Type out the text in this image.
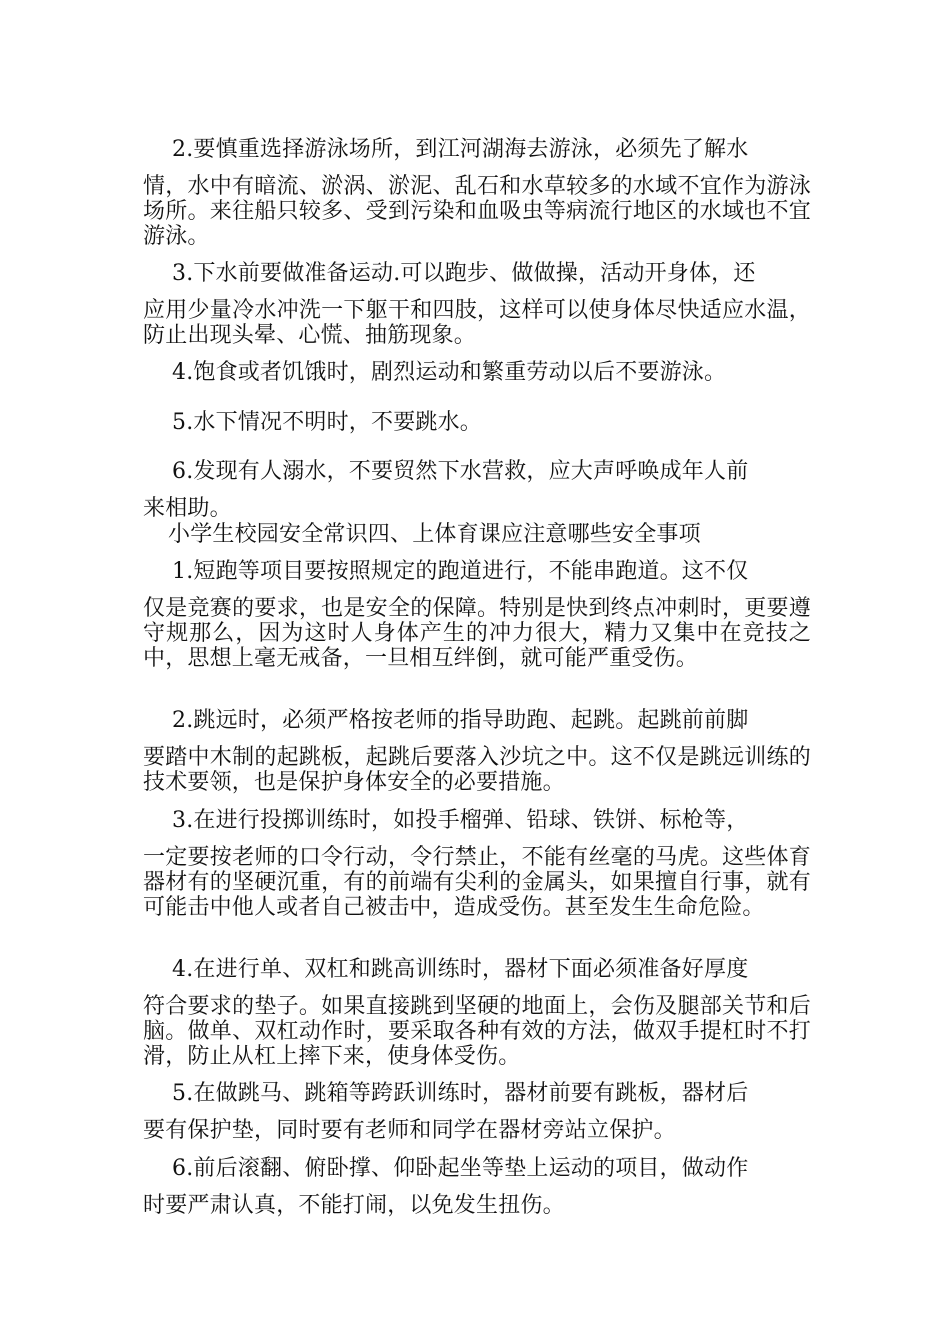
2.要慎重选择游泳场所，到江河湖海去游泳，必须先了解水
情，水中有暗流、淤涡、淤泥、乱石和水草较多的水域不宜作为游泳场所。来往船只较多、受到污染和血吸虫等病流行地区的水域也不宜游泳。
3.下水前要做准备运动.可以跑步、做做操，活动开身体，还
应用少量冷水冲洗一下躯干和四肢，这样可以使身体尽快适应水温，防止出现头晕、心慌、抽筋现象。
4.饱食或者饥饿时，剧烈运动和繁重劳动以后不要游泳。
5.水下情况不明时，不要跳水。
6.发现有人溺水，不要贸然下水营救，应大声呼唤成年人前
来相助。
小学生校园安全常识四、上体育课应注意哪些安全事项
1.短跑等项目要按照规定的跑道进行，不能串跑道。这不仅
仅是竞赛的要求，也是安全的保障。特别是快到终点冲刺时，更要遵守规那么，因为这时人身体产生的冲力很大，精力又集中在竞技之中，思想上毫无戒备，一旦相互绊倒，就可能严重受伤。
2.跳远时，必须严格按老师的指导助跑、起跳。起跳前前脚
要踏中木制的起跳板，起跳后要落入沙坑之中。这不仅是跳远训练的技术要领，也是保护身体安全的必要措施。
3.在进行投掷训练时，如投手榴弹、铅球、铁饼、标枪等，
一定要按老师的口令行动，令行禁止，不能有丝毫的马虎。这些体育器材有的坚硬沉重，有的前端有尖利的金属头，如果擅自行事，就有可能击中他人或者自己被击中，造成受伤。甚至发生生命危险。
4.在进行单、双杠和跳高训练时，器材下面必须准备好厚度
符合要求的垫子。如果直接跳到坚硬的地面上，会伤及腿部关节和后脑。做单、双杠动作时，要采取各种有效的方法，做双手提杠时不打滑，防止从杠上摔下来，使身体受伤。
5.在做跳马、跳箱等跨跃训练时，器材前要有跳板，器材后
要有保护垫，同时要有老师和同学在器材旁站立保护。
6.前后滚翻、俯卧撑、仰卧起坐等垫上运动的项目，做动作
时要严肃认真，不能打闹，以免发生扭伤。
